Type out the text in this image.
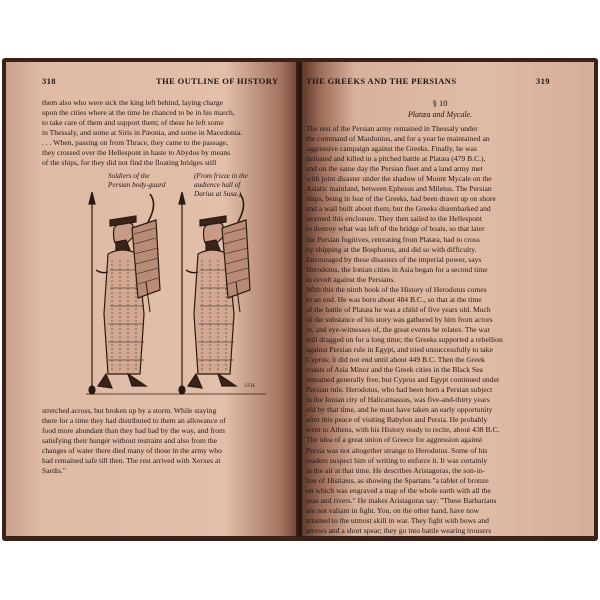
318	THE OUTLINE OF HISTORY
them also who were sick the king left behind, laying charge
upon the cities where at the time he chanced to be in his march,
to take care of them and support them; of these he left some
in Thessaly, and some at Siris in Pæonia, and some in Macedonia.
. . . When, passing on from Thrace, they came to the passage,
they crossed over the Hellespont in haste to Abydos by means
of the ships, for they did not find the floating bridges still
Soldiers of the
Persian body-guard
(From frieze in the
audience hall of
Darius at Susa.)
J.F.H.
stretched across, but broken up by a storm. While staying
there for a time they had distributed to them an allowance of
food more abundant than they had had by the way, and from
satisfying their hunger without restraint and also from the
changes of water there died many of those in the army who
had remained safe till then. The rest arrived with Xerxes at
Sardis."
THE GREEKS AND THE PERSIANS	319
§ 10
Platæa and Mycale.
The rest of the Persian army remained in Thessaly under
the command of Mardonius, and for a year he maintained an
aggressive campaign against the Greeks. Finally, he was
defeated and killed in a pitched battle at Platæa (479 B.C.),
and on the same day the Persian fleet and a land army met
with joint disaster under the shadow of Mount Mycale on the
Asiatic mainland, between Ephesus and Miletus. The Persian
ships, being in fear of the Greeks, had been drawn up on shore
and a wall built about them; but the Greeks disembarked and
stormed this enclosure. They then sailed to the Hellespont
to destroy what was left of the bridge of boats, so that later
the Persian fugitives, retreating from Platæa, had to cross
by shipping at the Bosphorus, and did so with difficulty.
Encouraged by these disasters of the imperial power, says
Herodotus, the Ionian cities in Asia began for a second time
to revolt against the Persians.
With this the ninth book of the History of Herodotus comes
to an end. He was born about 484 B.C., so that at the time
of the battle of Platæa he was a child of five years old. Much
of the substance of his story was gathered by him from actors
in, and eye-witnesses of, the great events he relates. The war
still dragged on for a long time; the Greeks supported a rebellion
against Persian rule in Egypt, and tried unsuccessfully to take
Cyprus; it did not end until about 449 B.C. Then the Greek
coasts of Asia Minor and the Greek cities in the Black Sea
remained generally free, but Cyprus and Egypt continued under
Persian rule. Herodotus, who had been born a Persian subject
in the Ionian city of Halicarnassus, was five-and-thirty years
old by that time, and he must have taken an early opportunity
after this peace of visiting Babylon and Persia. He probably
went to Athens, with his History ready to recite, about 438 B.C.
The idea of a great union of Greece for aggression against
Persia was not altogether strange to Herodotus. Some of his
readers suspect him of writing to enforce it. It was certainly
in the air at that time. He describes Aristagoras, the son-in-
law of Histiæus, as showing the Spartans "a tablet of bronze
on which was engraved a map of the whole earth with all the
seas and rivers." He makes Aristagoras say: "These Barbarians
are not valiant in fight. You, on the other hand, have now
attained to the utmost skill in war. They fight with bows and
arrows and a short spear; they go into battle wearing trousers
